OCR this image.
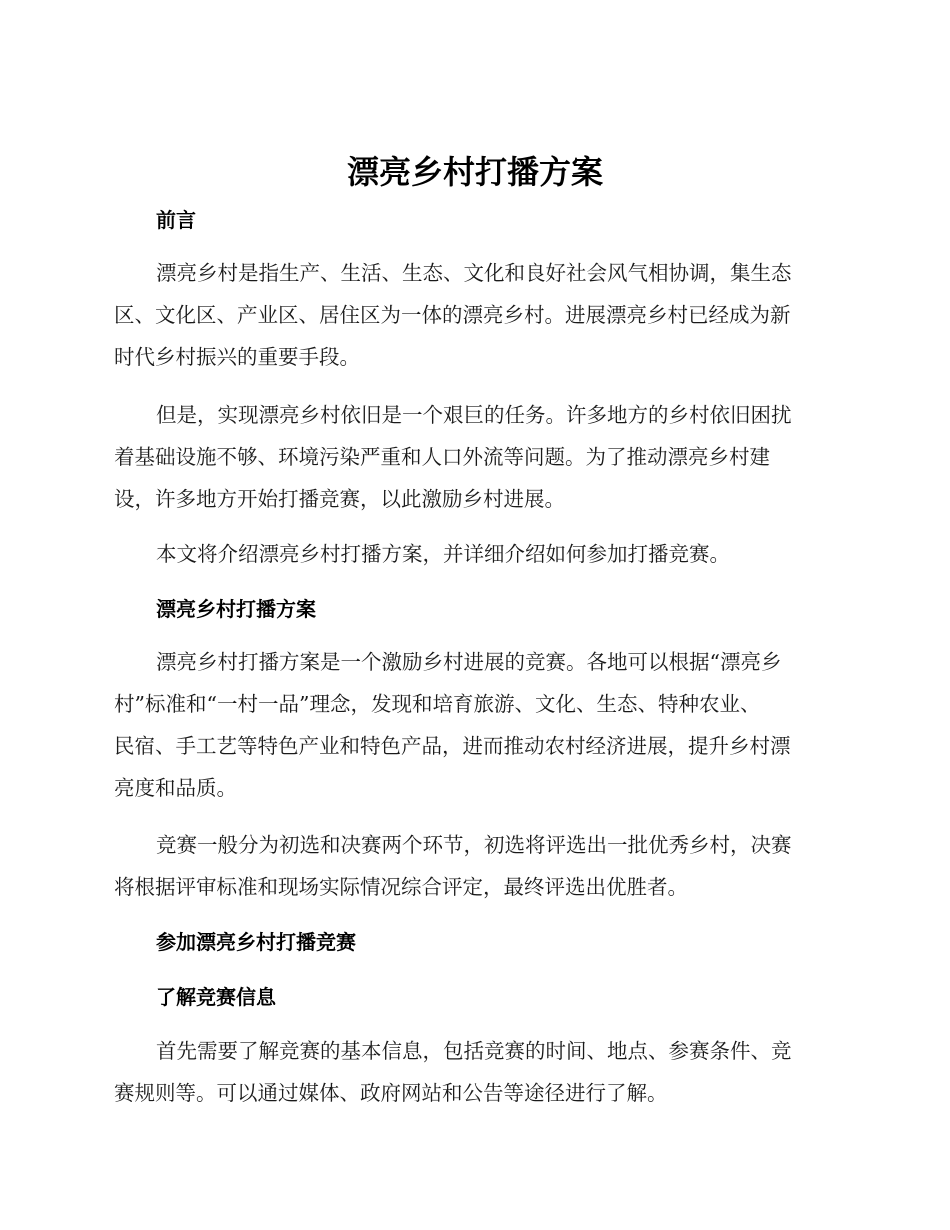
漂亮乡村打播方案
前言

漂亮乡村是指生产、生活、生态、文化和良好社会风气相协调，集生态
区、文化区、产业区、居住区为一体的漂亮乡村。进展漂亮乡村已经成为新
时代乡村振兴的重要手段。

但是，实现漂亮乡村依旧是一个艰巨的任务。许多地方的乡村依旧困扰
着基础设施不够、环境污染严重和人口外流等问题。为了推动漂亮乡村建
设，许多地方开始打播竞赛，以此激励乡村进展。

本文将介绍漂亮乡村打播方案，并详细介绍如何参加打播竞赛。

漂亮乡村打播方案

漂亮乡村打播方案是一个激励乡村进展的竞赛。各地可以根据“漂亮乡
村”标准和“一村一品”理念，发现和培育旅游、文化、生态、特种农业、
民宿、手工艺等特色产业和特色产品，进而推动农村经济进展，提升乡村漂
亮度和品质。

竞赛一般分为初选和决赛两个环节，初选将评选出一批优秀乡村，决赛
将根据评审标准和现场实际情况综合评定，最终评选出优胜者。

参加漂亮乡村打播竞赛
了解竞赛信息

首先需要了解竞赛的基本信息，包括竞赛的时间、地点、参赛条件、竞
赛规则等。可以通过媒体、政府网站和公告等途径进行了解。
